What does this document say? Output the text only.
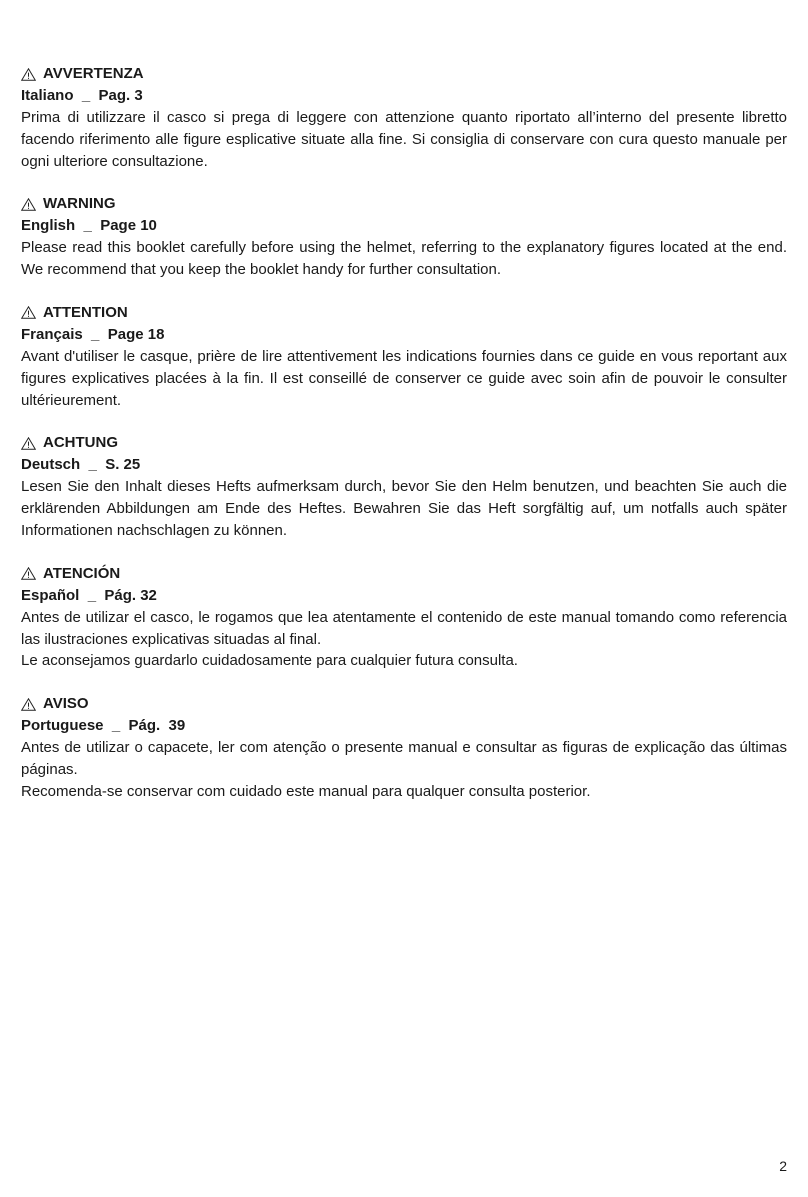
AVVERTENZA
Italiano  _  Pag. 3

Prima di utilizzare il casco si prega di leggere con attenzione quanto riportato all’interno del presente libretto facendo riferimento alle figure esplicative situate alla fine. Si consiglia di conservare con cura questo manuale per ogni ulteriore consultazione.

WARNING
English  _  Page 10

Please read this booklet carefully before using the helmet, referring to the explanatory figures located at the end. We recommend that you keep the booklet handy for further consultation.

ATTENTION
Français  _  Page 18

Avant d'utiliser le casque, prière de lire attentivement les indications fournies dans ce guide en vous reportant aux figures explicatives placées à la fin. Il est conseillé de conserver ce guide avec soin afin de pouvoir le consulter ultérieurement.

ACHTUNG
Deutsch  _  S. 25

Lesen Sie den Inhalt dieses Hefts aufmerksam durch, bevor Sie den Helm benutzen, und beachten Sie auch die erklärenden Abbildungen am Ende des Heftes. Bewahren Sie das Heft sorgfältig auf, um notfalls auch später Informationen nachschlagen zu können.

ATENCIÓN
Español  _  Pág. 32

Antes de utilizar el casco, le rogamos que lea atentamente el contenido de este manual tomando como referencia las ilustraciones explicativas situadas al final.

Le aconsejamos guardarlo cuidadosamente para cualquier futura consulta.

AVISO
Portuguese  _  Pág.  39

Antes de utilizar o capacete, ler com atenção o presente manual e consultar as figuras de explicação das últimas páginas.

Recomenda-se conservar com cuidado este manual para qualquer consulta posterior.

2
